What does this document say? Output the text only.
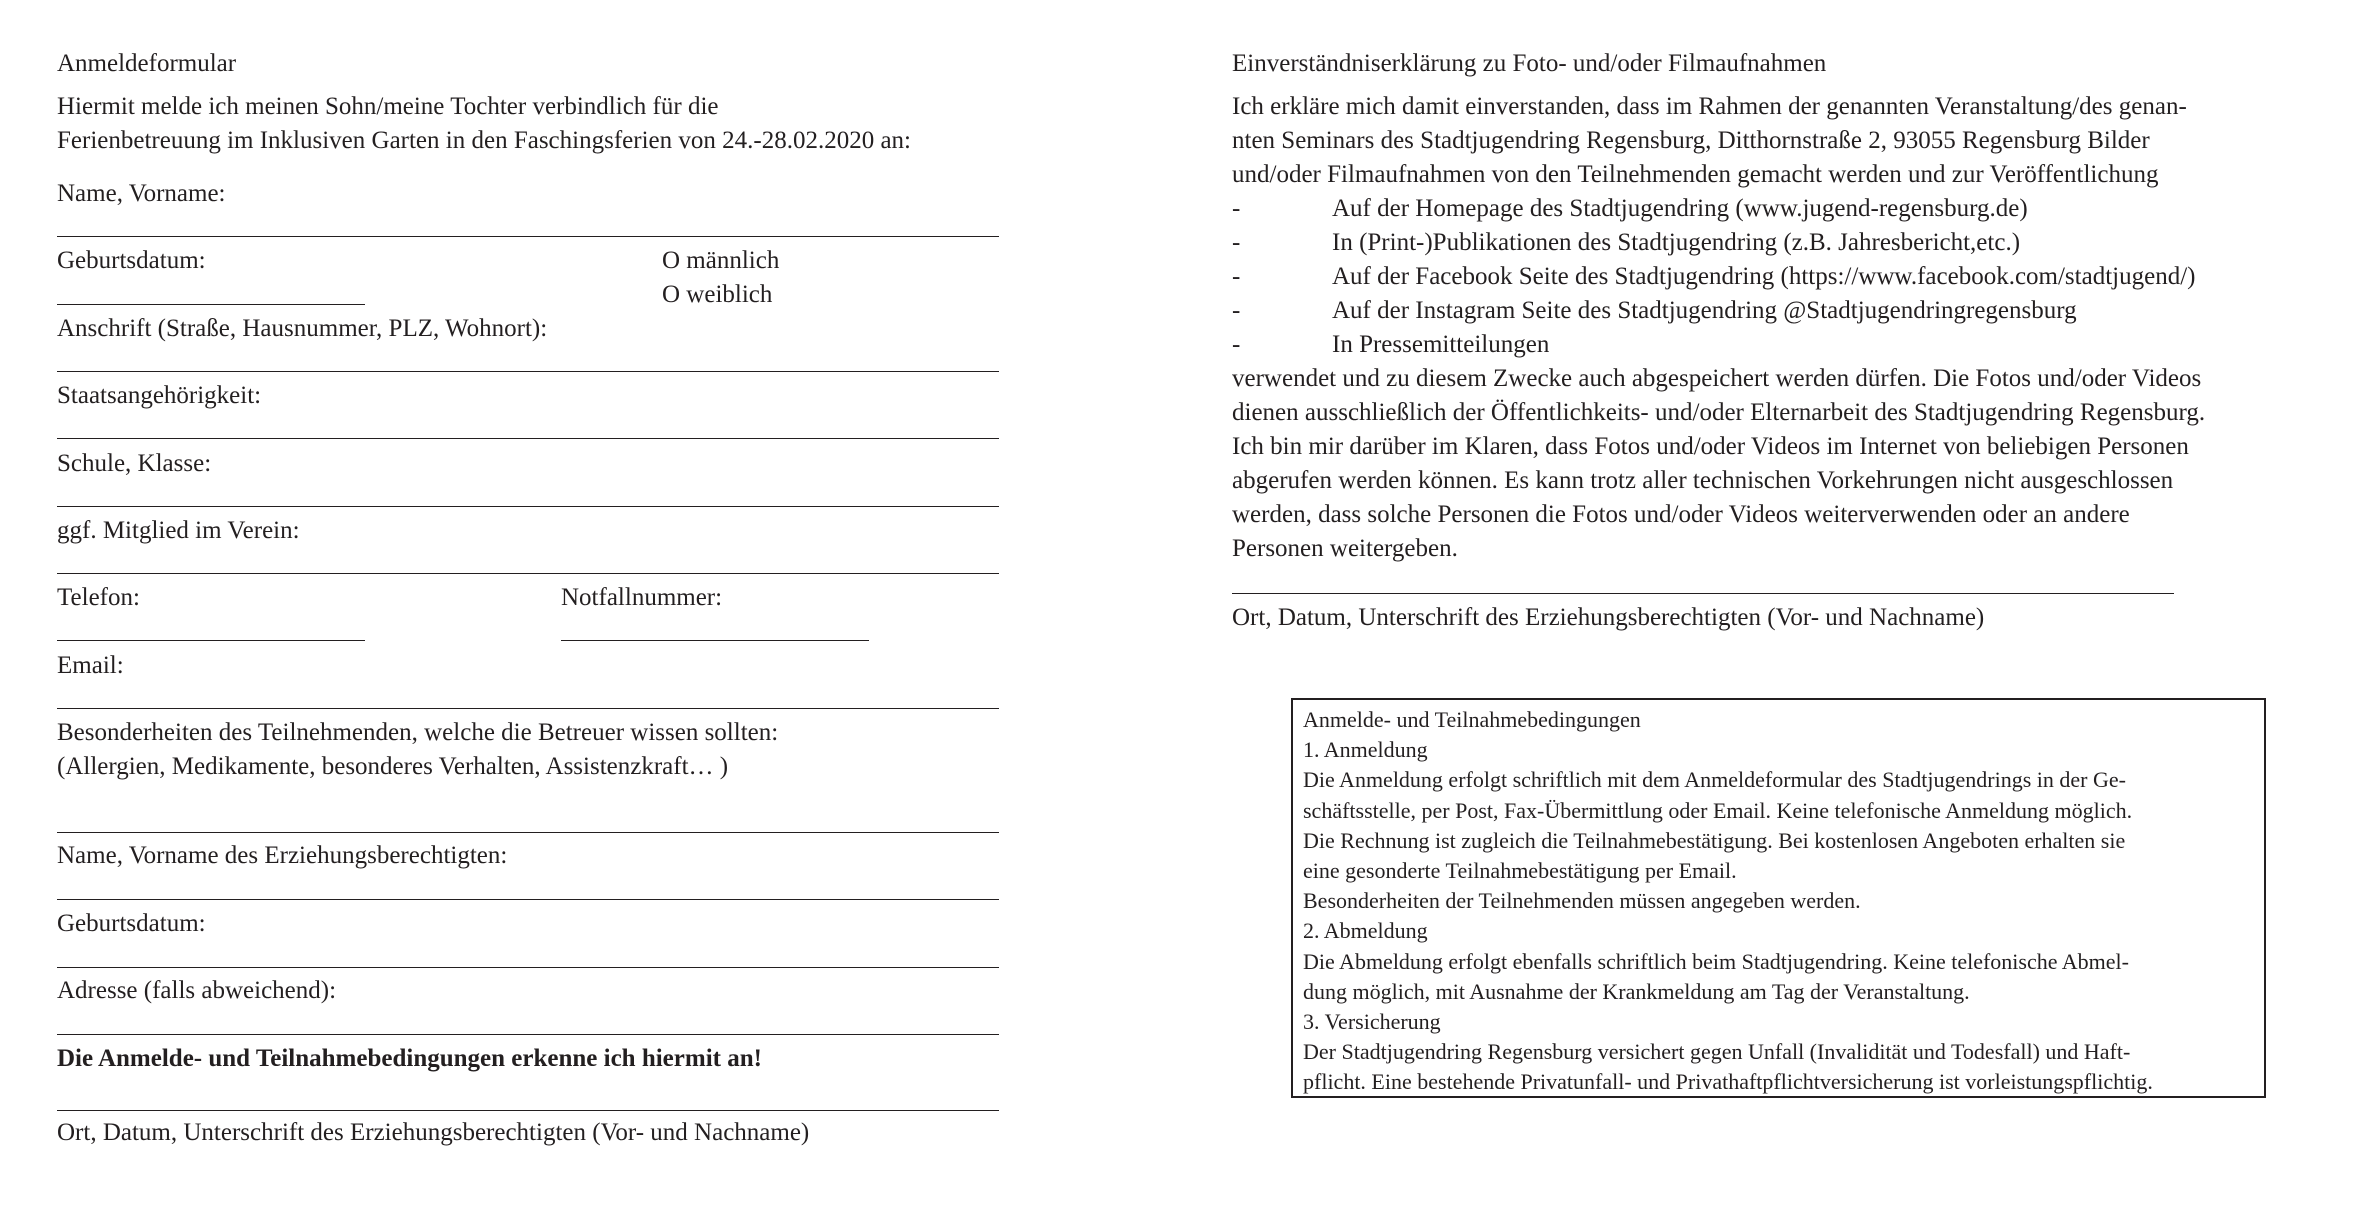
Anmeldeformular
Hiermit melde ich meinen Sohn/meine Tochter verbindlich für die
Ferienbetreuung im Inklusiven Garten in den Faschingsferien von 24.-28.02.2020 an:
Name, Vorname:
Geburtsdatum:	O männlich
O weiblich
Anschrift (Straße, Hausnummer, PLZ, Wohnort):
Staatsangehörigkeit:
Schule, Klasse:
ggf. Mitglied im Verein:
Telefon:	Notfallnummer:
Email:
Besonderheiten des Teilnehmenden, welche die Betreuer wissen sollten:
(Allergien, Medikamente, besonderes Verhalten, Assistenzkraft… )
Name, Vorname des Erziehungsberechtigten:
Geburtsdatum:
Adresse (falls abweichend):
Die Anmelde- und Teilnahmebedingungen erkenne ich hiermit an!
Ort, Datum, Unterschrift des Erziehungsberechtigten (Vor- und Nachname)
Einverständniserklärung zu Foto- und/oder Filmaufnahmen

Ich erkläre mich damit einverstanden, dass im Rahmen der genannten Veranstaltung/des genan-

nten Seminars des Stadtjugendring Regensburg, Ditthornstraße 2, 93055 Regensburg Bilder

und/oder Filmaufnahmen von den Teilnehmenden gemacht werden und zur Veröffentlichung

-	Auf der Homepage des Stadtjugendring (www.jugend-regensburg.de)
-	In (Print-)Publikationen des Stadtjugendring (z.B. Jahresbericht,etc.)
-	Auf der Facebook Seite des Stadtjugendring (https://www.facebook.com/stadtjugend/)
-	Auf der Instagram Seite des Stadtjugendring @Stadtjugendringregensburg
-	In Pressemitteilungen

verwendet und zu diesem Zwecke auch abgespeichert werden dürfen. Die Fotos und/oder Videos

dienen ausschließlich der Öffentlichkeits- und/oder Elternarbeit des Stadtjugendring Regensburg.

Ich bin mir darüber im Klaren, dass Fotos und/oder Videos im Internet von beliebigen Personen

abgerufen werden können. Es kann trotz aller technischen Vorkehrungen nicht ausgeschlossen

werden, dass solche Personen die Fotos und/oder Videos weiterverwenden oder an andere

Personen weitergeben.

Ort, Datum, Unterschrift des Erziehungsberechtigten (Vor- und Nachname)
Anmelde- und Teilnahmebedingungen
1. Anmeldung
Die Anmeldung erfolgt schriftlich mit dem Anmeldeformular des Stadtjugendrings in der Ge-
schäftsstelle, per Post, Fax-Übermittlung oder Email. Keine telefonische Anmeldung möglich.
Die Rechnung ist zugleich die Teilnahmebestätigung. Bei kostenlosen Angeboten erhalten sie
eine gesonderte Teilnahmebestätigung per Email.
Besonderheiten der Teilnehmenden müssen angegeben werden.
2. Abmeldung
Die Abmeldung erfolgt ebenfalls schriftlich beim Stadtjugendring. Keine telefonische Abmel-
dung möglich, mit Ausnahme der Krankmeldung am Tag der Veranstaltung.
3. Versicherung
Der Stadtjugendring Regensburg versichert gegen Unfall (Invalidität und Todesfall) und Haft-
pflicht. Eine bestehende Privatunfall- und Privathaftpflichtversicherung ist vorleistungspflichtig.
